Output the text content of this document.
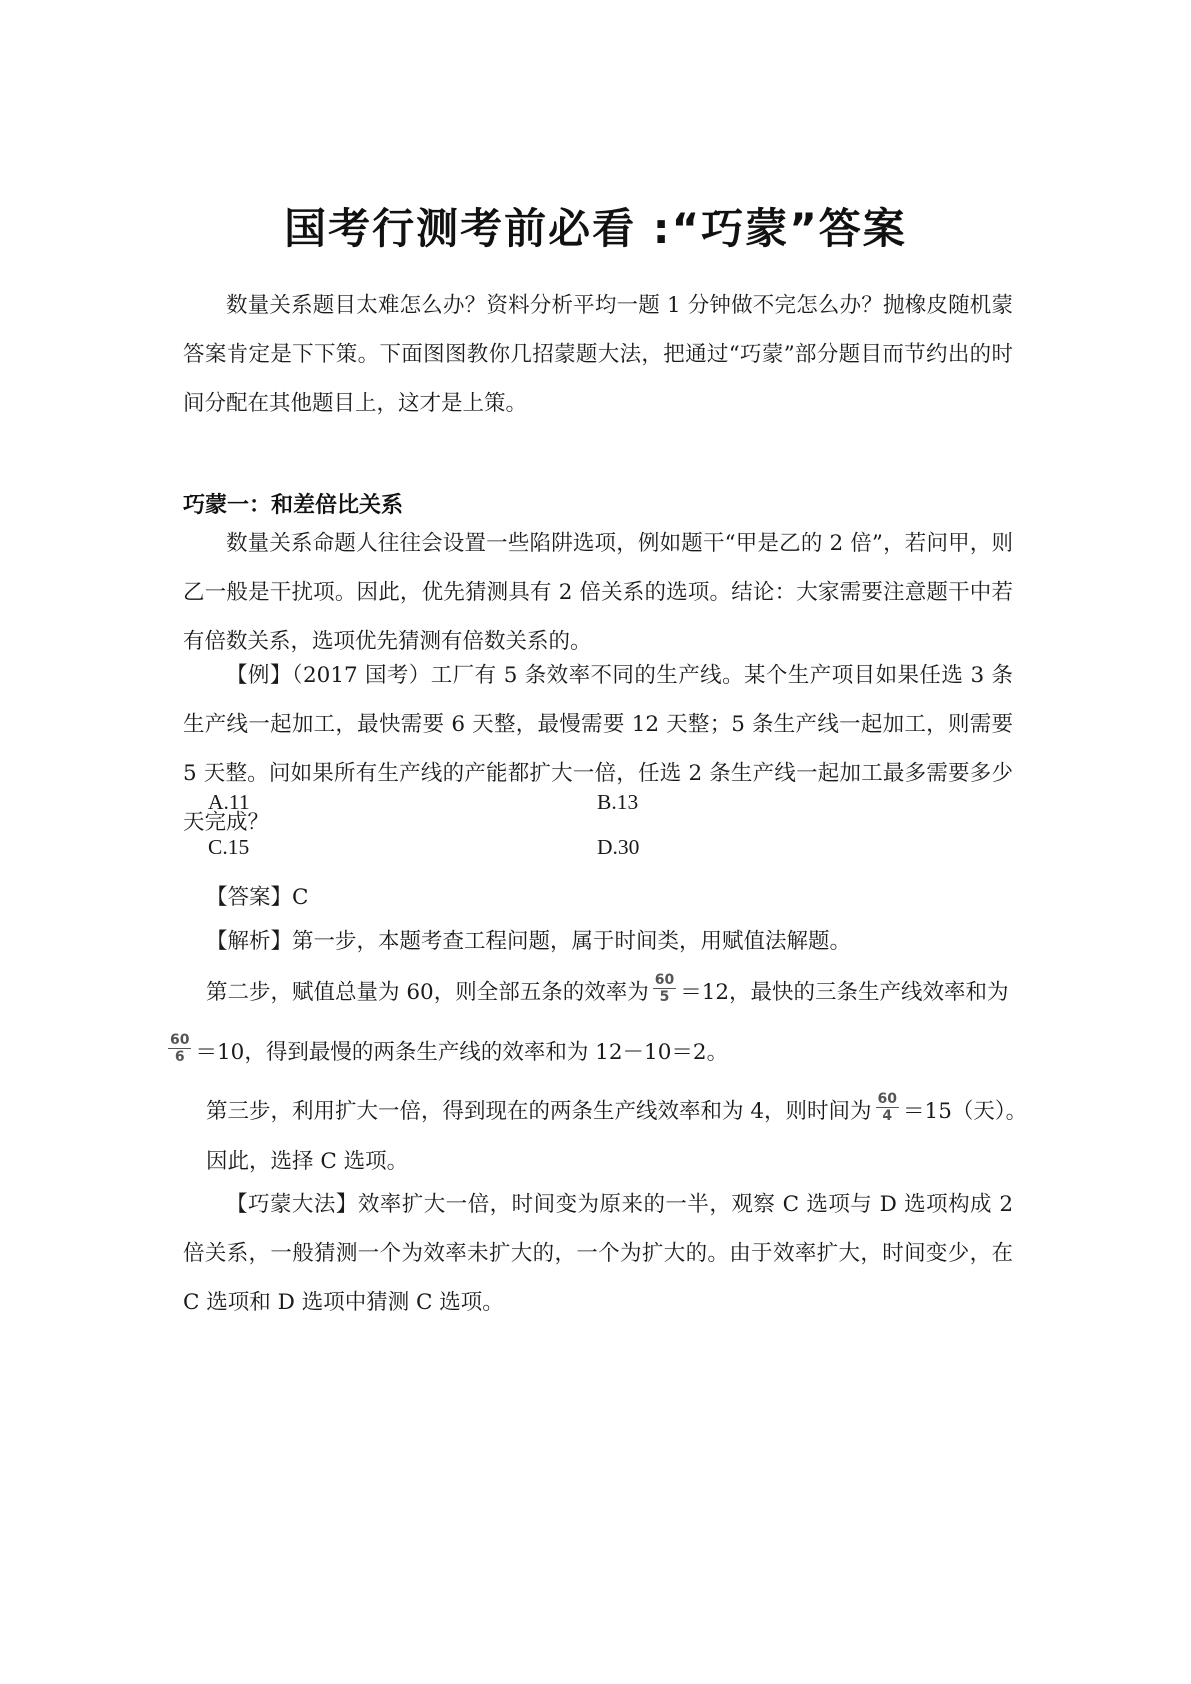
国考行测考前必看 :“巧蒙”答案
数量关系题目太难怎么办？资料分析平均一题 1 分钟做不完怎么办？抛橡皮随机蒙答案肯定是下下策。下面图图教你几招蒙题大法，把通过“巧蒙”部分题目而节约出的时间分配在其他题目上，这才是上策。
巧蒙一：和差倍比关系
数量关系命题人往往会设置一些陷阱选项，例如题干“甲是乙的 2 倍”，若问甲，则乙一般是干扰项。因此，优先猜测具有 2 倍关系的选项。结论：大家需要注意题干中若有倍数关系，选项优先猜测有倍数关系的。
【例】（2017 国考）工厂有 5 条效率不同的生产线。某个生产项目如果任选 3 条生产线一起加工，最快需要 6 天整，最慢需要 12 天整；5 条生产线一起加工，则需要 5 天整。问如果所有生产线的产能都扩大一倍，任选 2 条生产线一起加工最多需要多少天完成？
A.11	B.13
C.15	D.30
【答案】C
【解析】第一步，本题考查工程问题，属于时间类，用赋值法解题。
第二步，赋值总量为 60，则全部五条的效率为 $\frac{60}{5} =12$，最快的三条生产线效率和为
$\frac{60}{6} =10$，得到最慢的两条生产线的效率和为 12－10＝2。
第三步，利用扩大一倍，得到现在的两条生产线效率和为 4，则时间为 $\frac{60}{4} =15$（天）。
因此，选择 C 选项。
【巧蒙大法】效率扩大一倍，时间变为原来的一半，观察 C 选项与 D 选项构成 2 倍关系，一般猜测一个为效率未扩大的，一个为扩大的。由于效率扩大，时间变少，在 C 选项和 D 选项中猜测 C 选项。
